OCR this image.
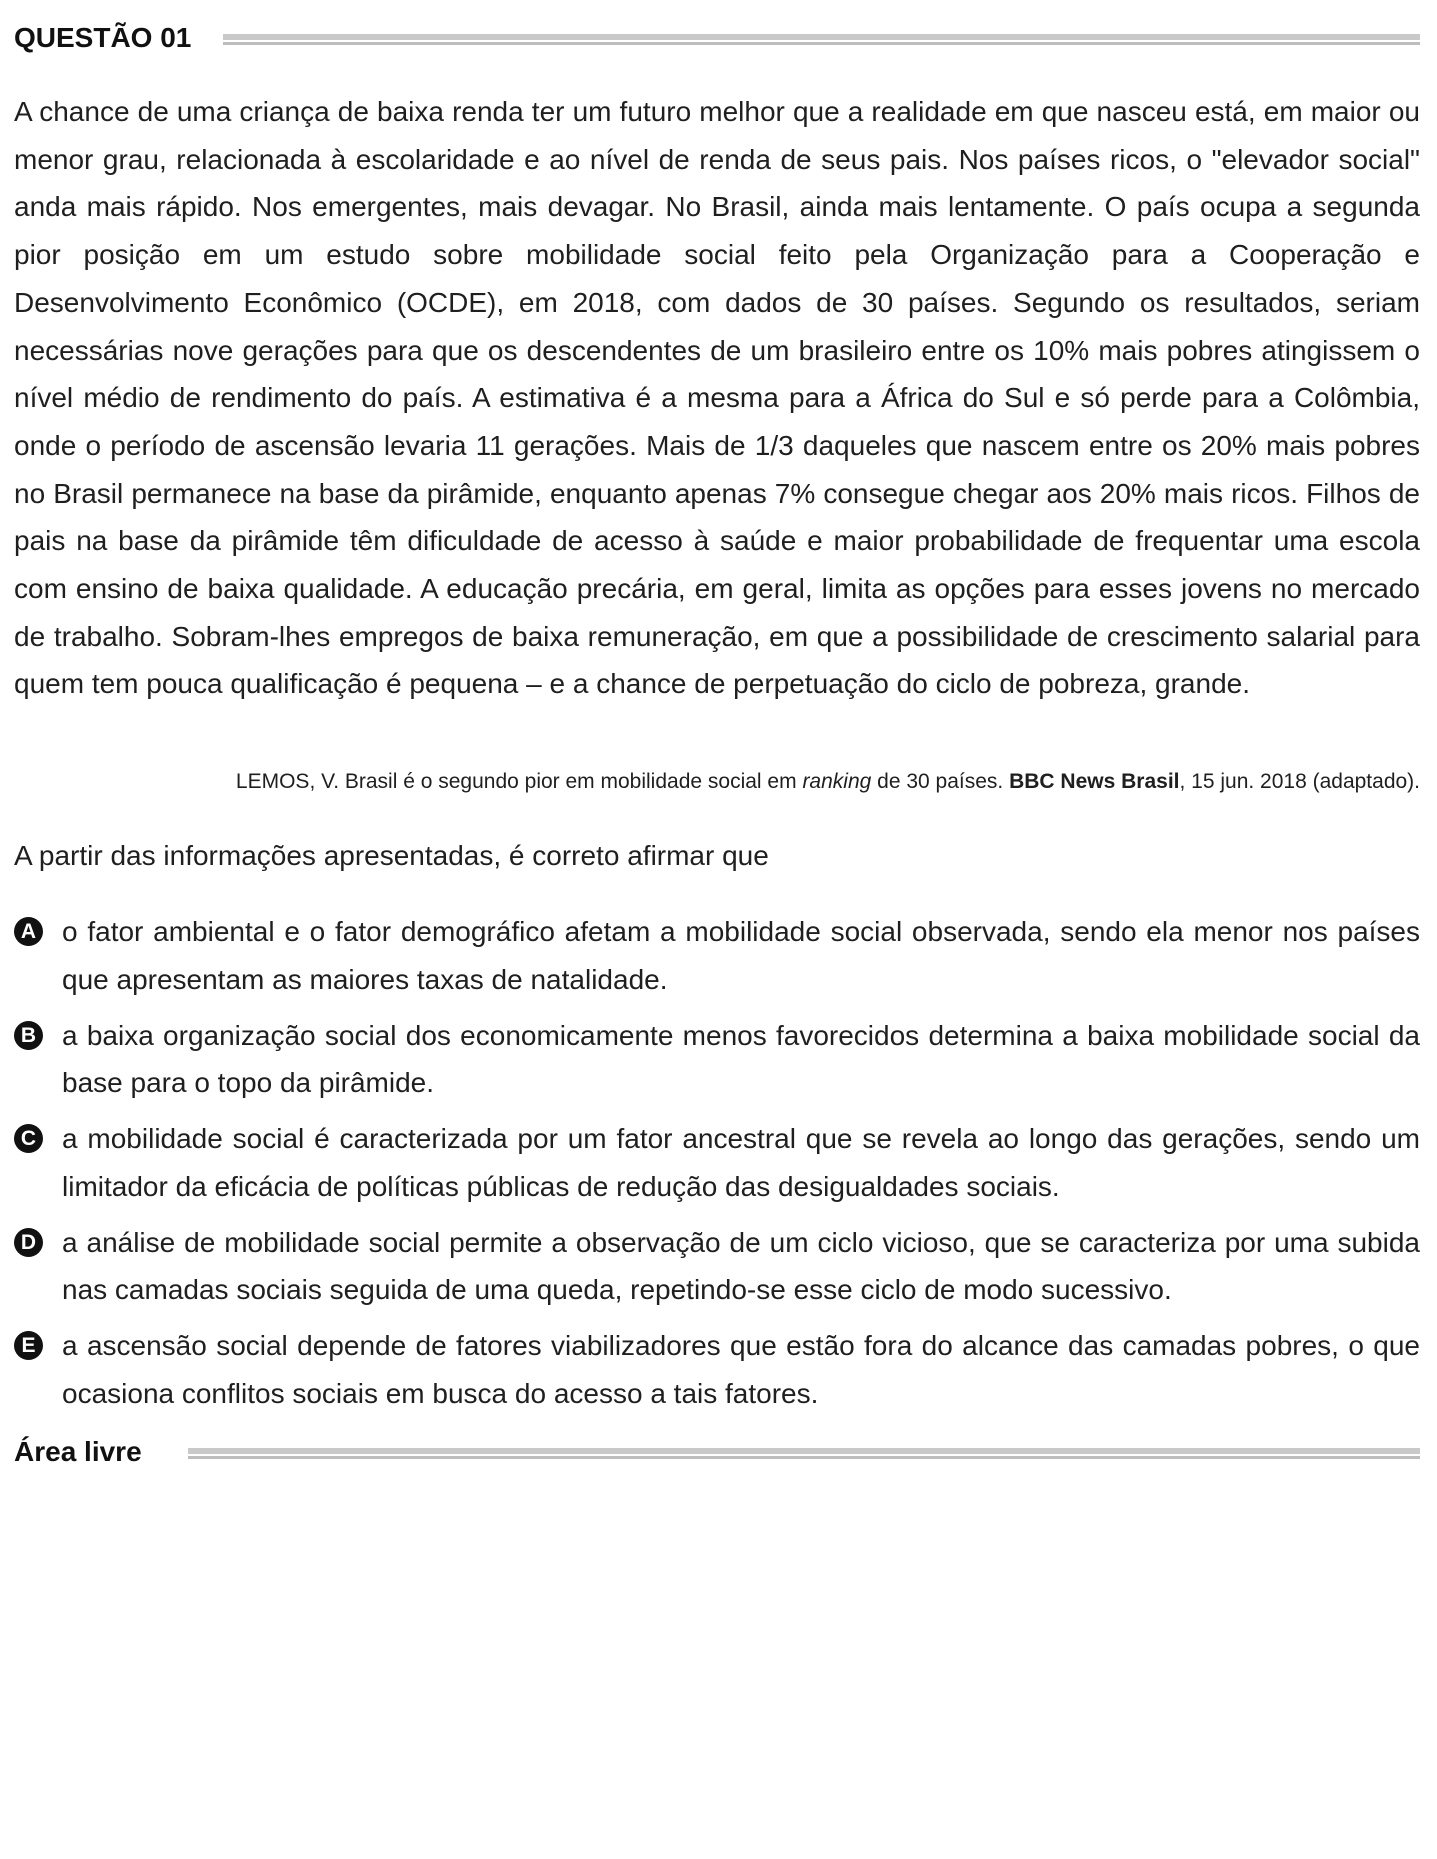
QUESTÃO 01
A chance de uma criança de baixa renda ter um futuro melhor que a realidade em que nasceu está, em maior ou menor grau, relacionada à escolaridade e ao nível de renda de seus pais. Nos países ricos, o "elevador social" anda mais rápido. Nos emergentes, mais devagar. No Brasil, ainda mais lentamente. O país ocupa a segunda pior posição em um estudo sobre mobilidade social feito pela Organização para a Cooperação e Desenvolvimento Econômico (OCDE), em 2018, com dados de 30 países. Segundo os resultados, seriam necessárias nove gerações para que os descendentes de um brasileiro entre os 10% mais pobres atingissem o nível médio de rendimento do país. A estimativa é a mesma para a África do Sul e só perde para a Colômbia, onde o período de ascensão levaria 11 gerações. Mais de 1/3 daqueles que nascem entre os 20% mais pobres no Brasil permanece na base da pirâmide, enquanto apenas 7% consegue chegar aos 20% mais ricos. Filhos de pais na base da pirâmide têm dificuldade de acesso à saúde e maior probabilidade de frequentar uma escola com ensino de baixa qualidade. A educação precária, em geral, limita as opções para esses jovens no mercado de trabalho. Sobram-lhes empregos de baixa remuneração, em que a possibilidade de crescimento salarial para quem tem pouca qualificação é pequena – e a chance de perpetuação do ciclo de pobreza, grande.
LEMOS, V. Brasil é o segundo pior em mobilidade social em ranking de 30 países. BBC News Brasil, 15 jun. 2018 (adaptado).
A partir das informações apresentadas, é correto afirmar que
A o fator ambiental e o fator demográfico afetam a mobilidade social observada, sendo ela menor nos países que apresentam as maiores taxas de natalidade.
B a baixa organização social dos economicamente menos favorecidos determina a baixa mobilidade social da base para o topo da pirâmide.
C a mobilidade social é caracterizada por um fator ancestral que se revela ao longo das gerações, sendo um limitador da eficácia de políticas públicas de redução das desigualdades sociais.
D a análise de mobilidade social permite a observação de um ciclo vicioso, que se caracteriza por uma subida nas camadas sociais seguida de uma queda, repetindo-se esse ciclo de modo sucessivo.
E a ascensão social depende de fatores viabilizadores que estão fora do alcance das camadas pobres, o que ocasiona conflitos sociais em busca do acesso a tais fatores.
Área livre
